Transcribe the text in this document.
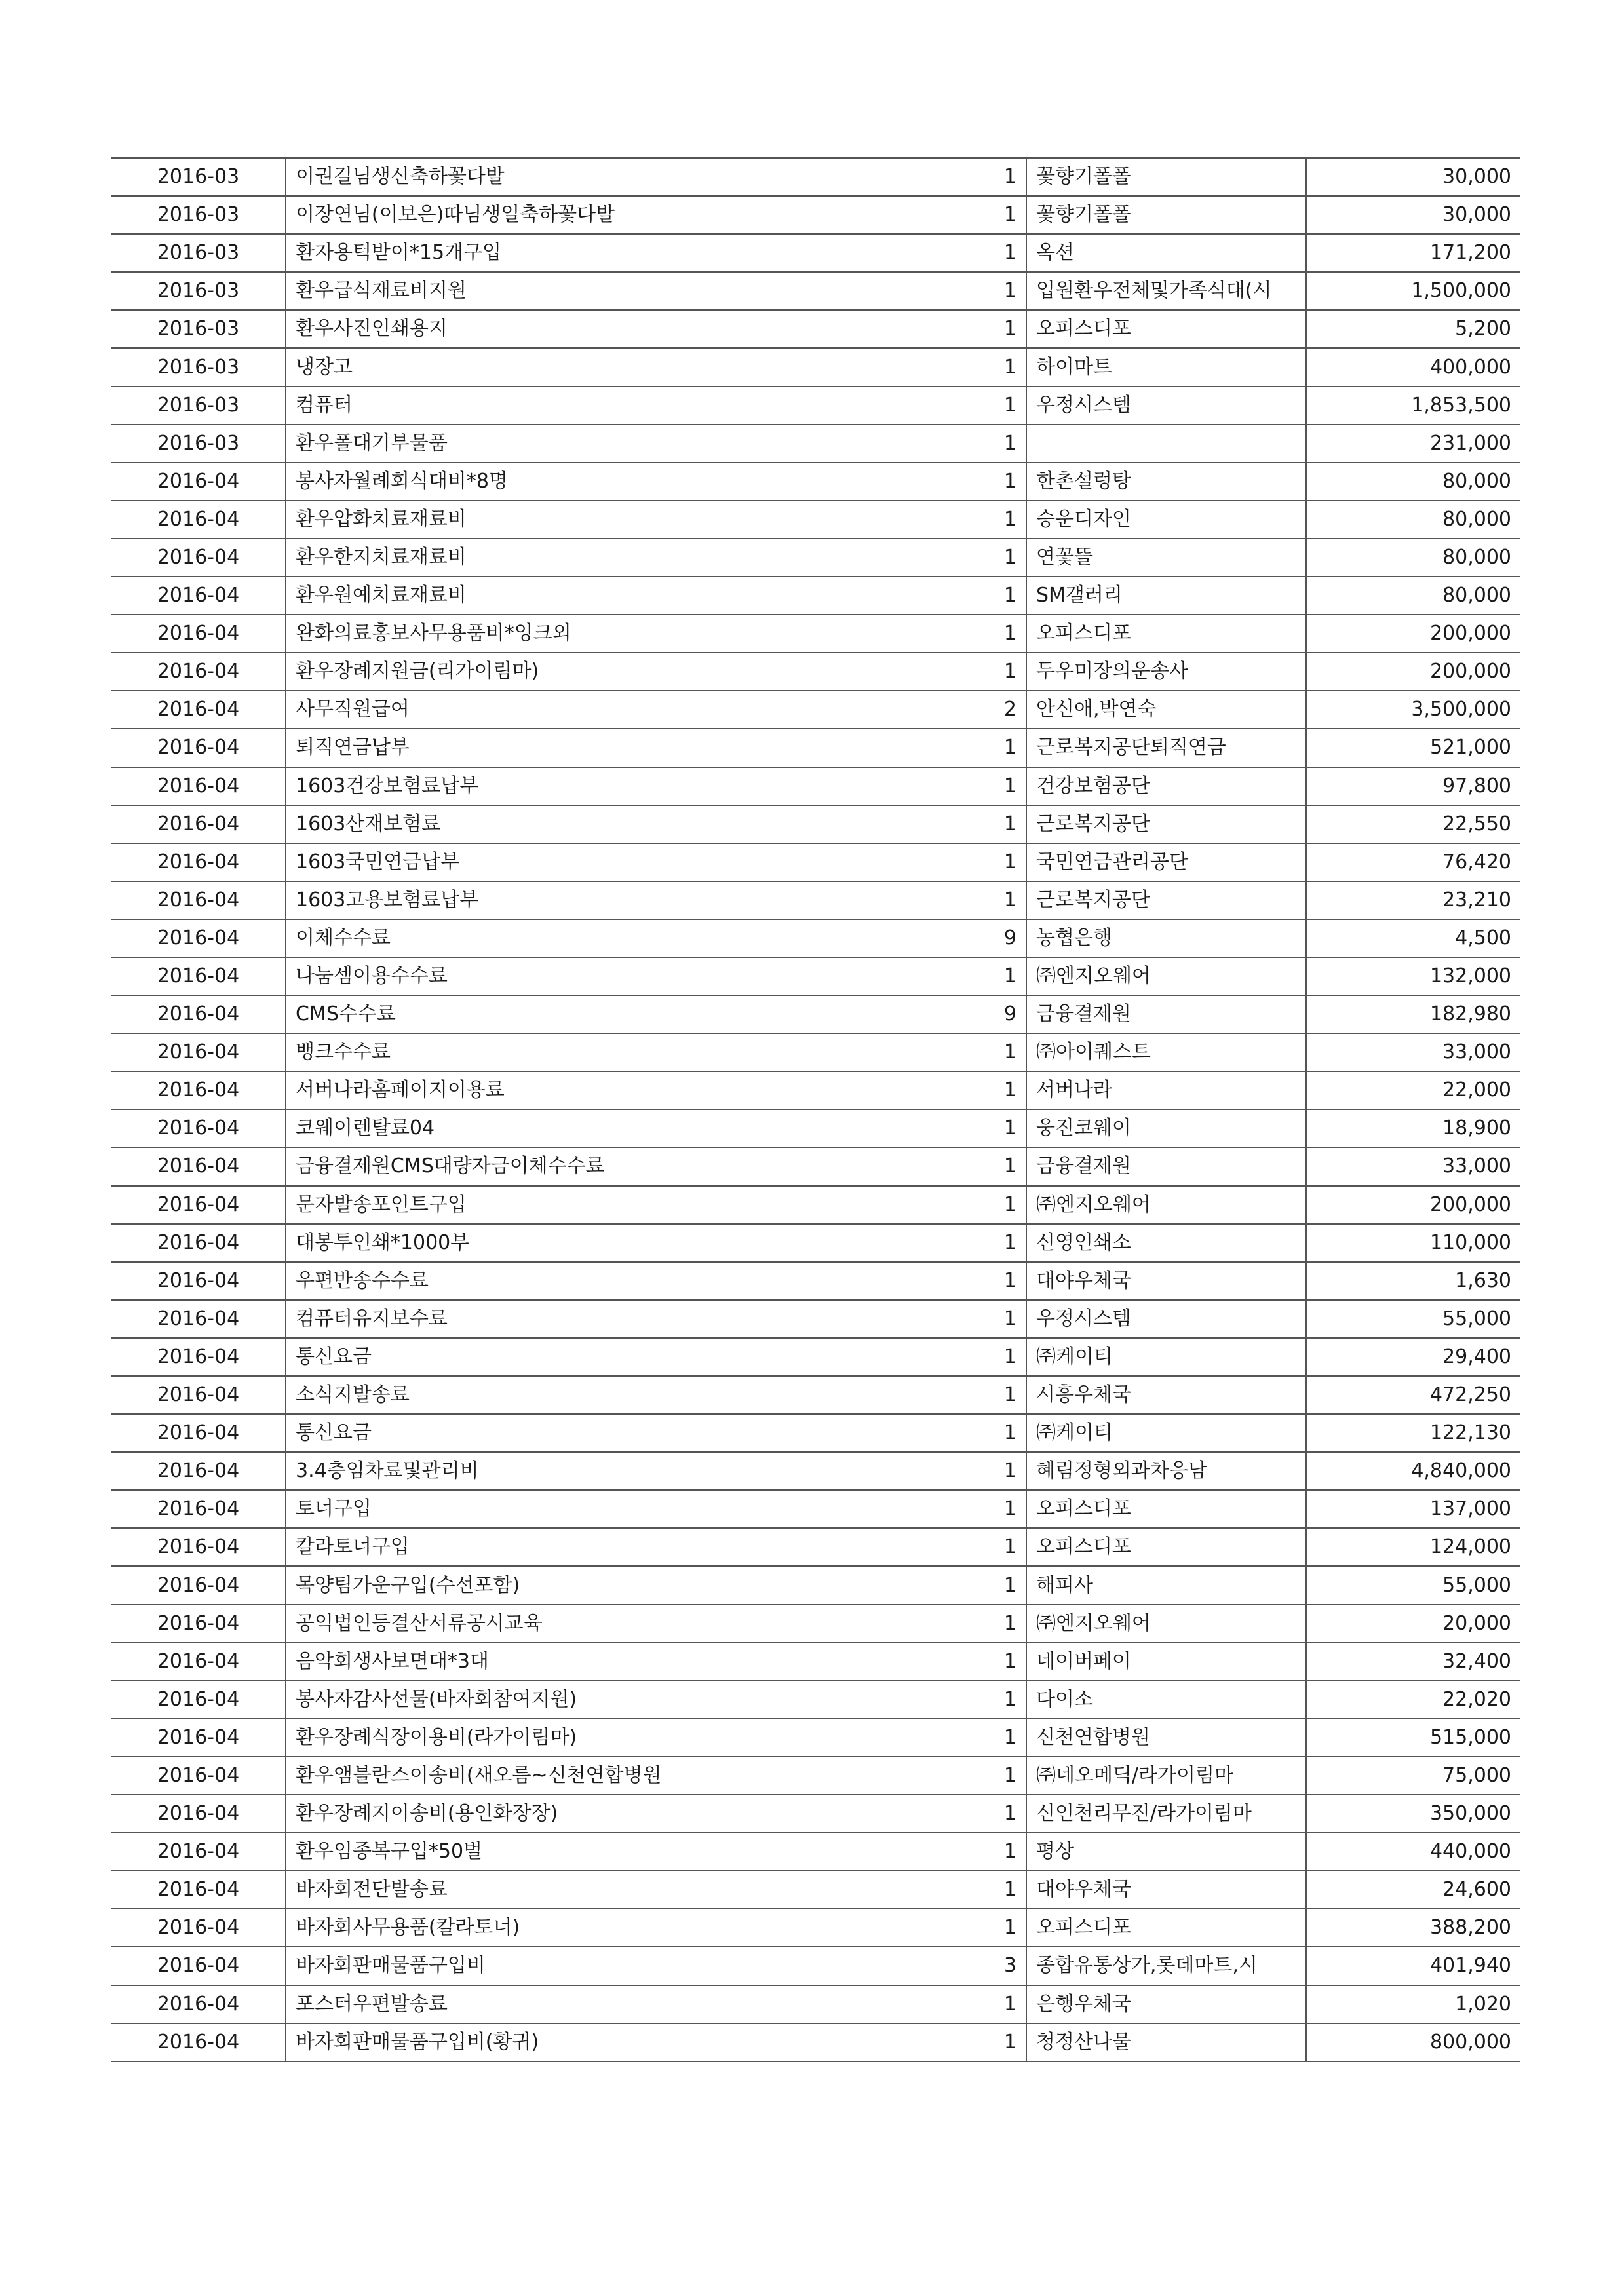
2016-03	이권길님생신축하꽃다발	1	꽃향기폴폴	30,000
2016-03	이장연님(이보은)따님생일축하꽃다발	1	꽃향기폴폴	30,000
2016-03	환자용턱받이*15개구입	1	옥션	171,200
2016-03	환우급식재료비지원	1	입원환우전체및가족식대(시	1,500,000
2016-03	환우사진인쇄용지	1	오피스디포	5,200
2016-03	냉장고	1	하이마트	400,000
2016-03	컴퓨터	1	우정시스템	1,853,500
2016-03	환우폴대기부물품	1		231,000
2016-04	봉사자월례회식대비*8명	1	한촌설렁탕	80,000
2016-04	환우압화치료재료비	1	승운디자인	80,000
2016-04	환우한지치료재료비	1	연꽃뜰	80,000
2016-04	환우원예치료재료비	1	SM갤러리	80,000
2016-04	완화의료홍보사무용품비*잉크외	1	오피스디포	200,000
2016-04	환우장례지원금(리가이림마)	1	두우미장의운송사	200,000
2016-04	사무직원급여	2	안신애,박연숙	3,500,000
2016-04	퇴직연금납부	1	근로복지공단퇴직연금	521,000
2016-04	1603건강보험료납부	1	건강보험공단	97,800
2016-04	1603산재보험료	1	근로복지공단	22,550
2016-04	1603국민연금납부	1	국민연금관리공단	76,420
2016-04	1603고용보험료납부	1	근로복지공단	23,210
2016-04	이체수수료	9	농협은행	4,500
2016-04	나눔셈이용수수료	1	㈜엔지오웨어	132,000
2016-04	CMS수수료	9	금융결제원	182,980
2016-04	뱅크수수료	1	㈜아이퀘스트	33,000
2016-04	서버나라홈페이지이용료	1	서버나라	22,000
2016-04	코웨이렌탈료04	1	웅진코웨이	18,900
2016-04	금융결제원CMS대량자금이체수수료	1	금융결제원	33,000
2016-04	문자발송포인트구입	1	㈜엔지오웨어	200,000
2016-04	대봉투인쇄*1000부	1	신영인쇄소	110,000
2016-04	우편반송수수료	1	대야우체국	1,630
2016-04	컴퓨터유지보수료	1	우정시스템	55,000
2016-04	통신요금	1	㈜케이티	29,400
2016-04	소식지발송료	1	시흥우체국	472,250
2016-04	통신요금	1	㈜케이티	122,130
2016-04	3.4층임차료및관리비	1	혜림정형외과차응남	4,840,000
2016-04	토너구입	1	오피스디포	137,000
2016-04	칼라토너구입	1	오피스디포	124,000
2016-04	목양팀가운구입(수선포함)	1	해피사	55,000
2016-04	공익법인등결산서류공시교육	1	㈜엔지오웨어	20,000
2016-04	음악회생사보면대*3대	1	네이버페이	32,400
2016-04	봉사자감사선물(바자회참여지원)	1	다이소	22,020
2016-04	환우장례식장이용비(라가이림마)	1	신천연합병원	515,000
2016-04	환우앰블란스이송비(새오름~신천연합병원	1	㈜네오메딕/라가이림마	75,000
2016-04	환우장례지이송비(용인화장장)	1	신인천리무진/라가이림마	350,000
2016-04	환우임종복구입*50벌	1	평상	440,000
2016-04	바자회전단발송료	1	대야우체국	24,600
2016-04	바자회사무용품(칼라토너)	1	오피스디포	388,200
2016-04	바자회판매물품구입비	3	종합유통상가,롯데마트,시	401,940
2016-04	포스터우편발송료	1	은행우체국	1,020
2016-04	바자회판매물품구입비(황귀)	1	청정산나물	800,000
